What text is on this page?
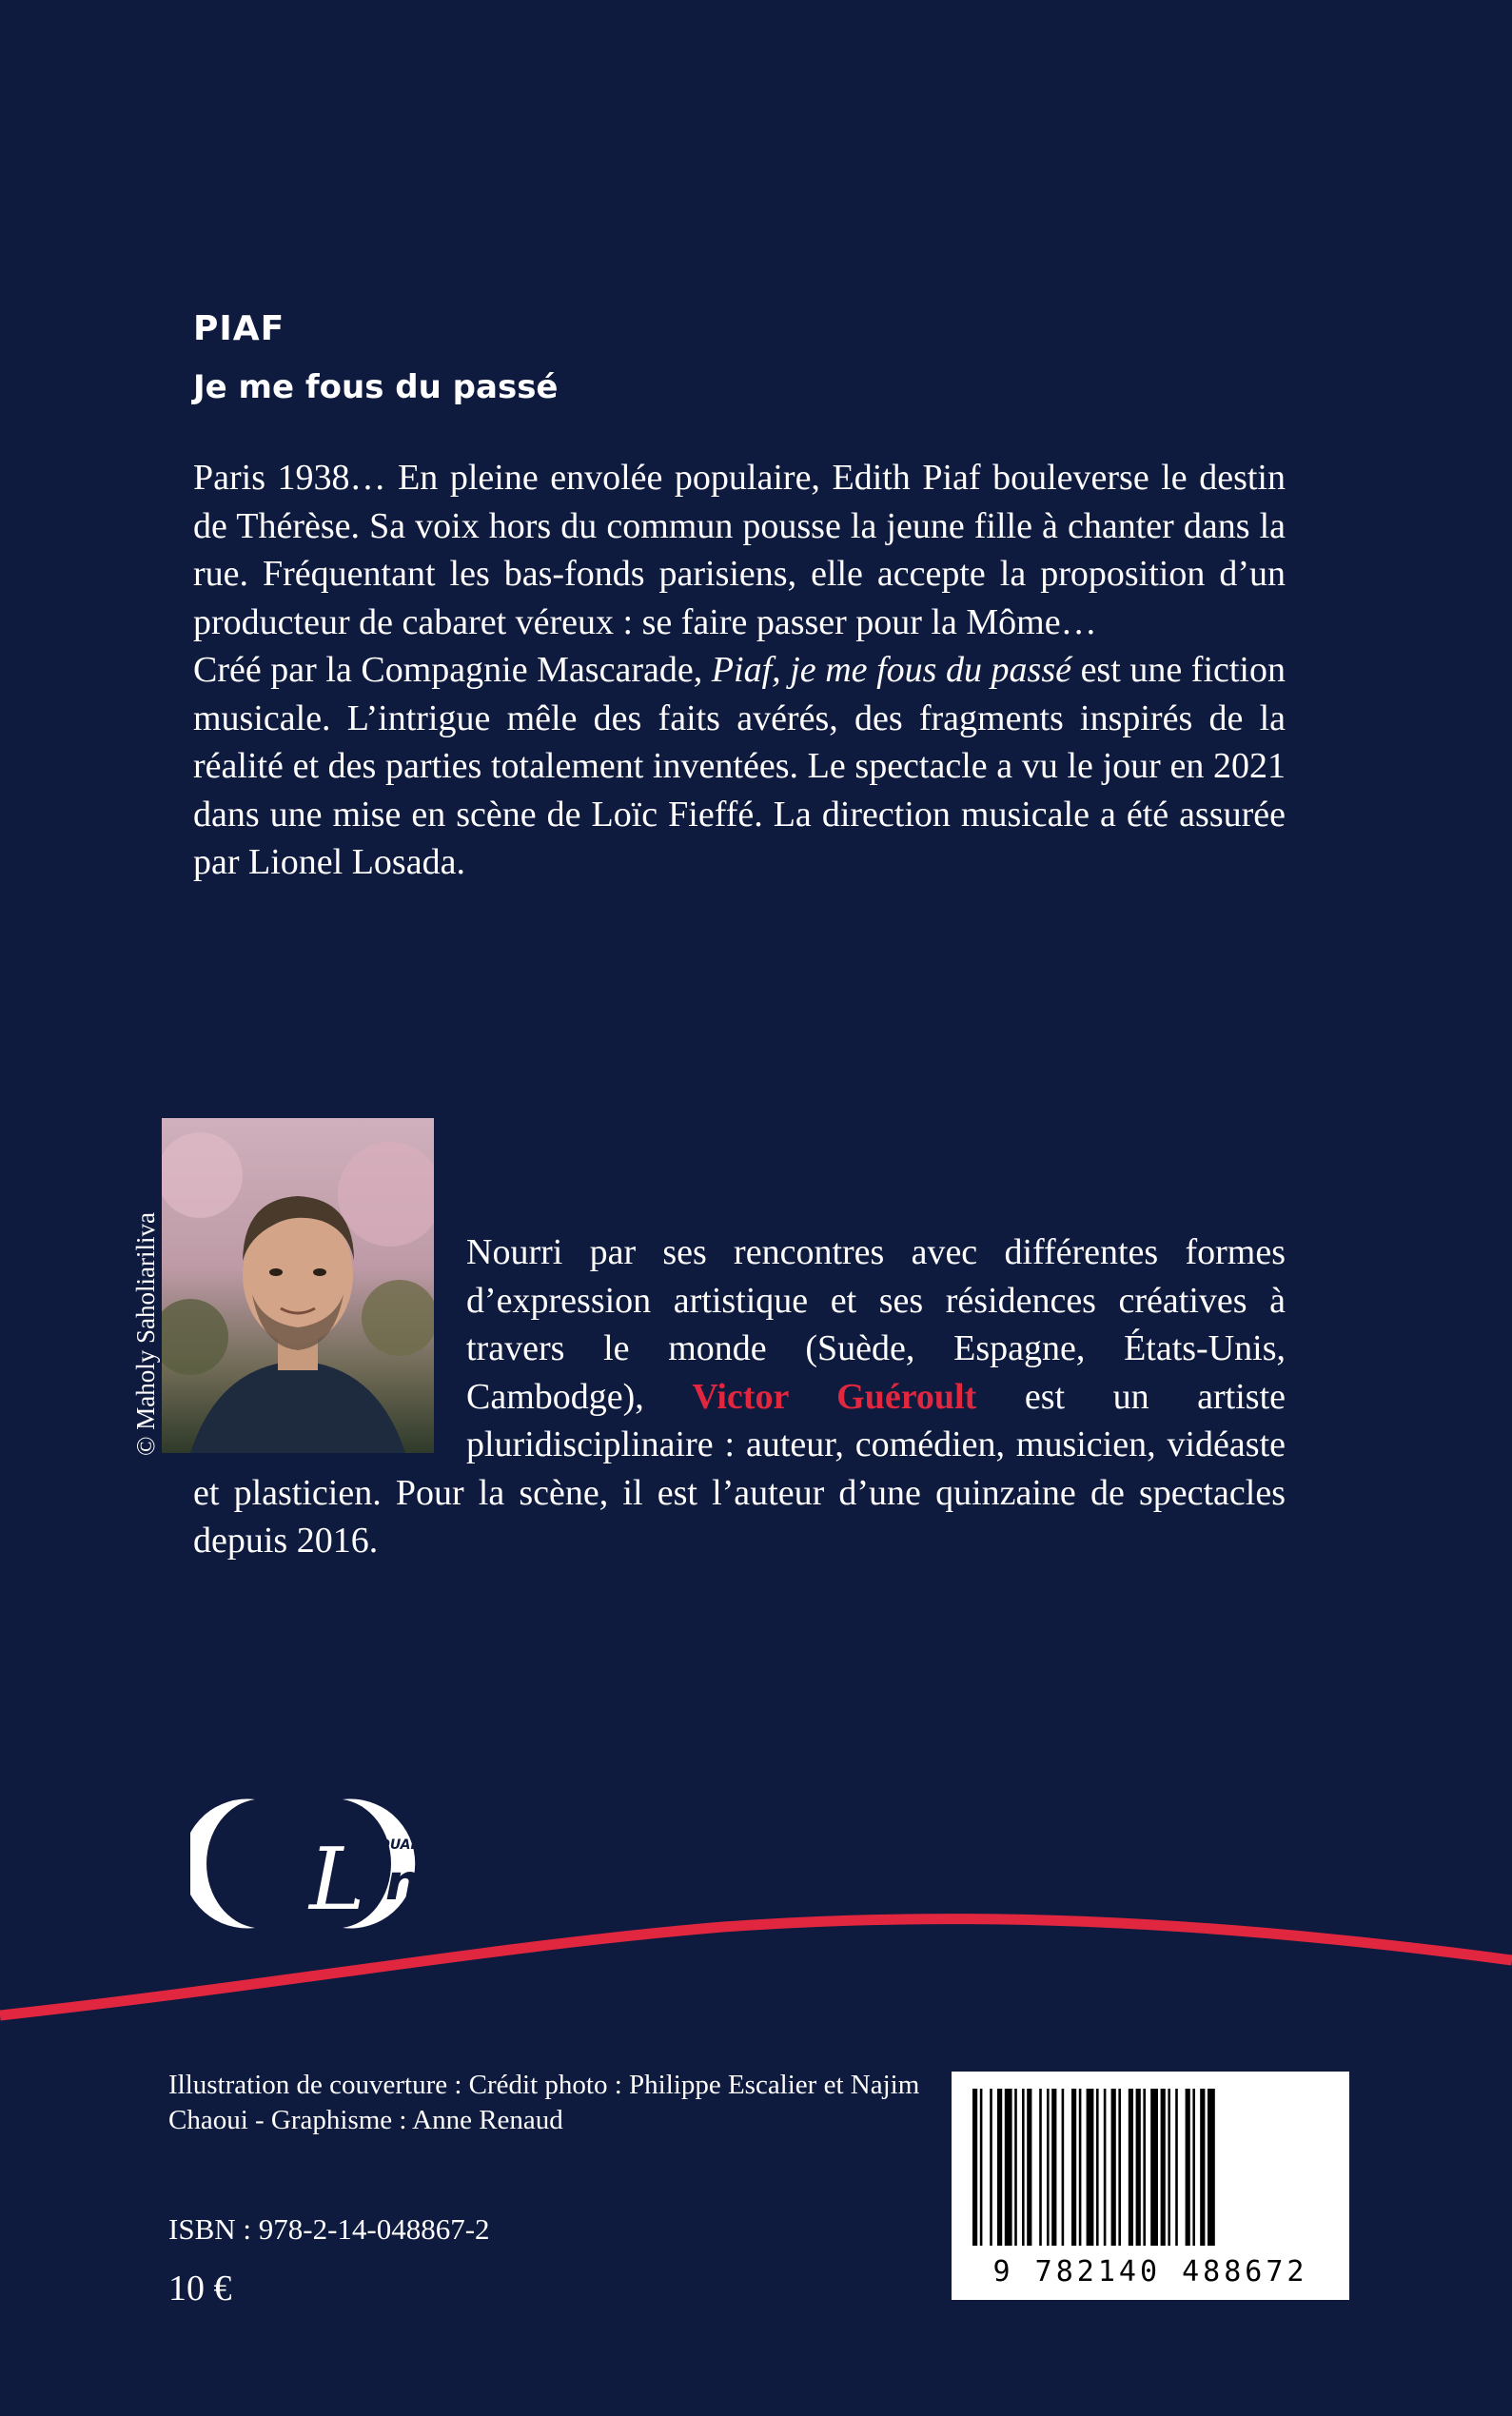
PIAF
Je me fous du passé

Paris 1938… En pleine envolée populaire, Edith Piaf bouleverse le destin de Thérèse. Sa voix hors du commun pousse la jeune fille à chanter dans la rue. Fréquentant les bas-fonds parisiens, elle accepte la proposition d’un producteur de cabaret véreux : se faire passer pour la Môme…

Créé par la Compagnie Mascarade, Piaf, je me fous du passé est une fiction musicale. L’intrigue mêle des faits avérés, des fragments inspirés de la réalité et des parties totalement inventées. Le spectacle a vu le jour en 2021 dans une mise en scène de Loïc Fieffé. La direction musicale a été assurée par Lionel Losada.

© Maholy Saholiariliva	Nourri par ses rencontres avec différentes formes d’expression artistique et ses résidences créatives à travers le monde (Suède, Espagne, États-Unis, Cambodge), Victor Guéroult est un artiste pluridisciplinaire : auteur, comédien, musicien, vidéaste et plasticien. Pour la scène, il est l’auteur d’une quinzaine de spectacles depuis 2016.
L QUARTIER
una
Illustration de couverture : Crédit photo : Philippe Escalier et Najim Chaoui - Graphisme : Anne Renaud
ISBN : 978-2-14-048867-2
10 €	9 782140 488672
